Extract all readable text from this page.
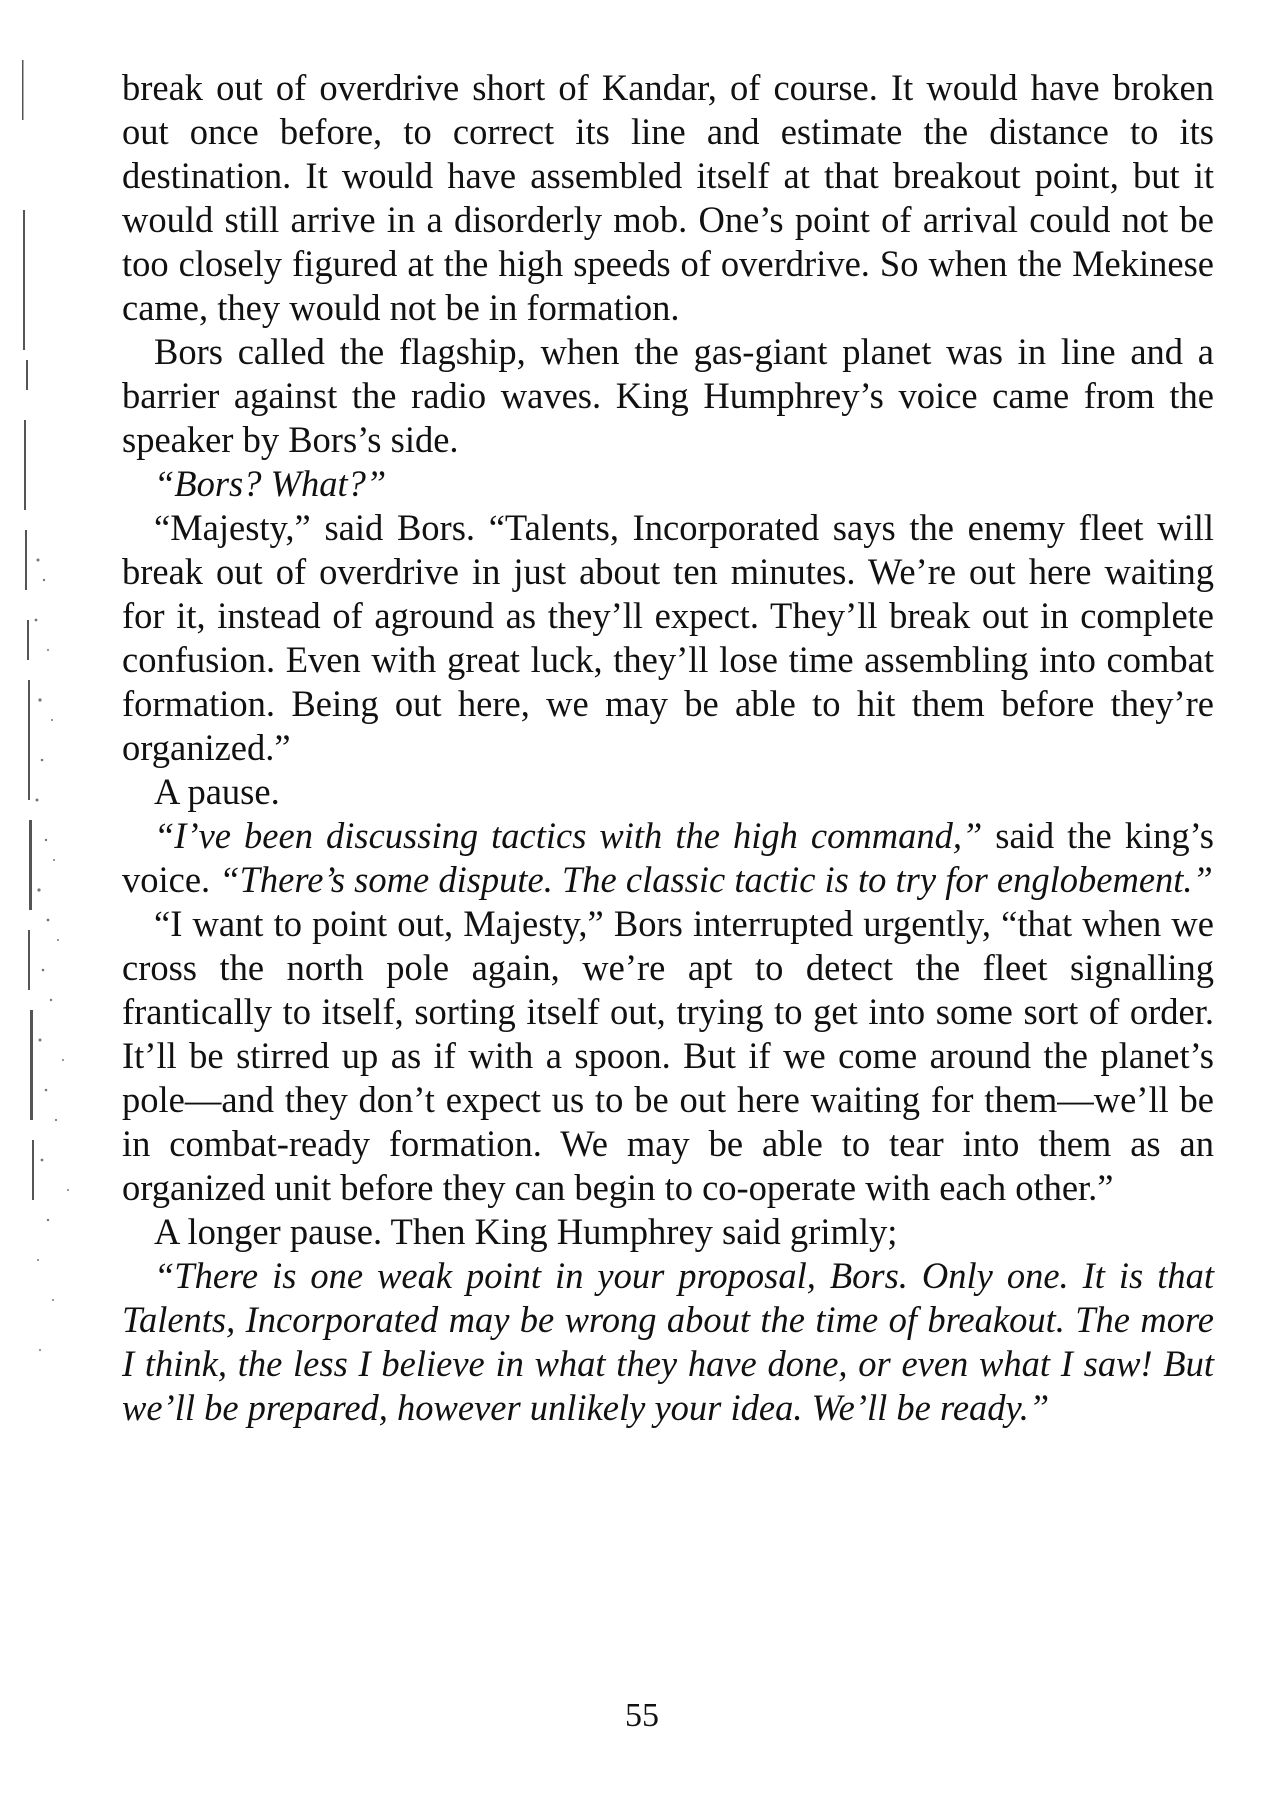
break out of overdrive short of Kandar, of course. It would have broken out once before, to correct its line and estimate the distance to its destination. It would have assembled itself at that breakout point, but it would still arrive in a disorderly mob. One’s point of arrival could not be too closely figured at the high speeds of overdrive. So when the Mekinese came, they would not be in formation.

Bors called the flagship, when the gas-giant planet was in line and a barrier against the radio waves. King Humphrey’s voice came from the speaker by Bors’s side.

“Bors? What?”

“Majesty,” said Bors. “Talents, Incorporated says the enemy fleet will break out of overdrive in just about ten minutes. We’re out here waiting for it, instead of aground as they’ll expect. They’ll break out in complete confusion. Even with great luck, they’ll lose time assembling into combat formation. Being out here, we may be able to hit them before they’re organized.”

A pause.

“I’ve been discussing tactics with the high command,” said the king’s voice. “There’s some dispute. The classic tactic is to try for englobement.”

“I want to point out, Majesty,” Bors interrupted urgently, “that when we cross the north pole again, we’re apt to detect the fleet signalling frantically to itself, sorting itself out, trying to get into some sort of order. It’ll be stirred up as if with a spoon. But if we come around the planet’s pole—and they don’t expect us to be out here waiting for them—we’ll be in combat-ready formation. We may be able to tear into them as an organized unit before they can begin to co-operate with each other.”

A longer pause. Then King Humphrey said grimly;

“There is one weak point in your proposal, Bors. Only one. It is that Talents, Incorporated may be wrong about the time of breakout. The more I think, the less I believe in what they have done, or even what I saw! But we’ll be prepared, however unlikely your idea. We’ll be ready.”

55
